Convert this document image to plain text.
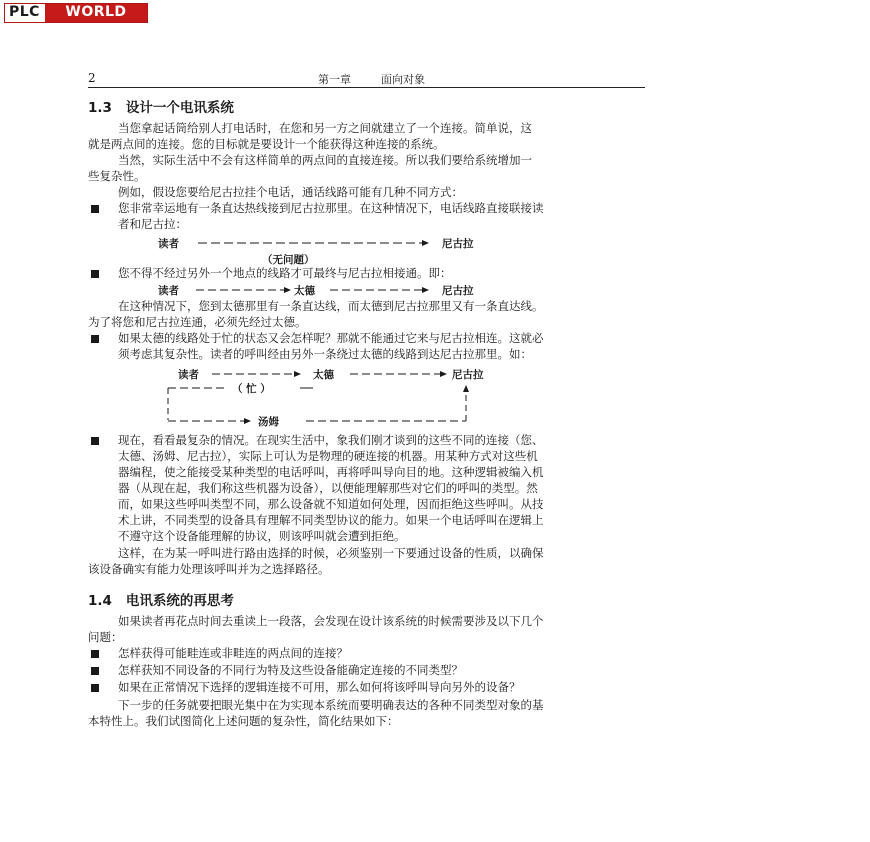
PLC	WORLD
2	第一章	面向对象
1.3 设计一个电讯系统
当您拿起话筒给别人打电话时，在您和另一方之间就建立了一个连接。简单说，这
就是两点间的连接。您的目标就是要设计一个能获得这种连接的系统。
当然，实际生活中不会有这样简单的两点间的直接连接。所以我们要给系统增加一
些复杂性。
例如，假设您要给尼古拉挂个电话，通话线路可能有几种不同方式：
您非常幸运地有一条直达热线接到尼古拉那里。在这种情况下，电话线路直接联接读
者和尼古拉：
读者	尼古拉
（无问题）
您不得不经过另外一个地点的线路才可最终与尼古拉相接通。即：
读者	太德	尼古拉
在这种情况下，您到太德那里有一条直达线，而太德到尼古拉那里又有一条直达线。
为了将您和尼古拉连通，必须先经过太德。
如果太德的线路处于忙的状态又会怎样呢？那就不能通过它来与尼古拉相连。这就必
须考虑其复杂性。读者的呼叫经由另外一条绕过太德的线路到达尼古拉那里。如：
读者	太德	尼古拉
（ 忙 ）
汤姆
现在，看看最复杂的情况。在现实生活中，象我们刚才谈到的这些不同的连接（您、
太德、汤姆、尼古拉），实际上可认为是物理的硬连接的机器。用某种方式对这些机
器编程，使之能接受某种类型的电话呼叫，再将呼叫导向目的地。这种逻辑被编入机
器（从现在起，我们称这些机器为设备），以便能理解那些对它们的呼叫的类型。然
而，如果这些呼叫类型不同，那么设备就不知道如何处理，因而拒绝这些呼叫。从技
术上讲，不同类型的设备具有理解不同类型协议的能力。如果一个电话呼叫在逻辑上
不遵守这个设备能理解的协议，则该呼叫就会遭到拒绝。
这样，在为某一呼叫进行路由选择的时候，必须鉴别一下要通过设备的性质，以确保
该设备确实有能力处理该呼叫并为之选择路径。
1.4 电讯系统的再思考
如果读者再花点时间去重读上一段落，会发现在设计该系统的时候需要涉及以下几个
问题：
怎样获得可能畦连或非畦连的两点间的连接？
怎样获知不同设备的不同行为特及这些设备能确定连接的不同类型？
如果在正常情况下选择的逻辑连接不可用，那么如何将该呼叫导向另外的设备？
下一步的任务就要把眼光集中在为实现本系统而要明确表达的各种不同类型对象的基
本特性上。我们试图简化上述问题的复杂性，简化结果如下：
